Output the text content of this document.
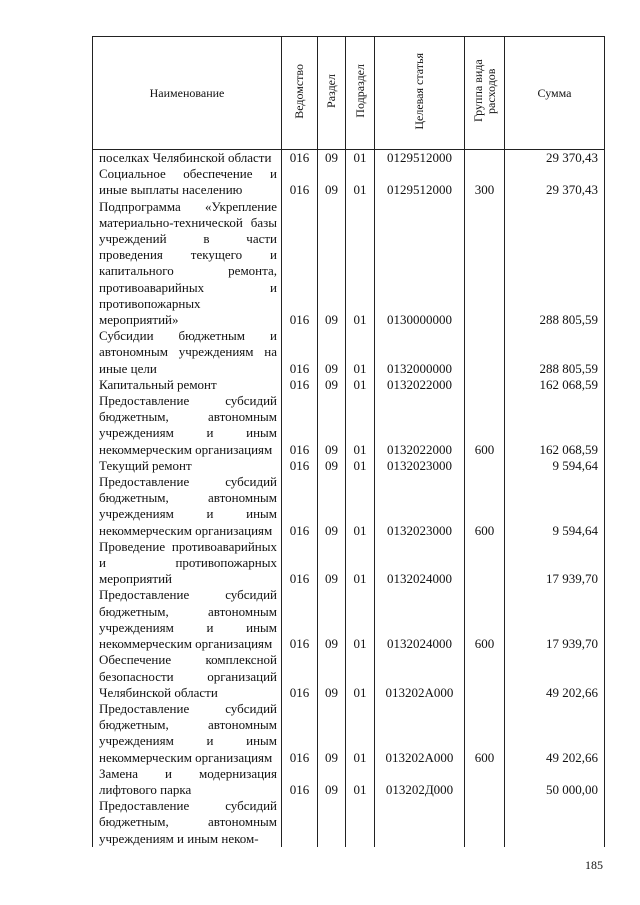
Наименование	Ведомство	Раздел	Подраздел	Целевая статья	Группа вида расходов	Сумма
поселках Челябинской области	016	09	01	0129512000		29 370,43
Социальное обеспечение и иные выплаты населению	016	09	01	0129512000	300	29 370,43
Подпрограмма «Укрепление материально-технической базы учреждений в части проведения текущего и капитального ремонта, противоаварийных и противопожарных мероприятий»	016	09	01	0130000000		288 805,59
Субсидии бюджетным и автономным учреждениям на иные цели	016	09	01	0132000000		288 805,59
Капитальный ремонт	016	09	01	0132022000		162 068,59
Предоставление субсидий бюджетным, автономным учреждениям и иным некоммерческим организациям	016	09	01	0132022000	600	162 068,59
Текущий ремонт	016	09	01	0132023000		9 594,64
Предоставление субсидий бюджетным, автономным учреждениям и иным некоммерческим организациям	016	09	01	0132023000	600	9 594,64
Проведение противоаварийных и противопожарных мероприятий	016	09	01	0132024000		17 939,70
Предоставление субсидий бюджетным, автономным учреждениям и иным некоммерческим организациям	016	09	01	0132024000	600	17 939,70
Обеспечение комплексной безопасности организаций Челябинской области	016	09	01	013202А000		49 202,66
Предоставление субсидий бюджетным, автономным учреждениям и иным некоммерческим организациям	016	09	01	013202А000	600	49 202,66
Замена и модернизация лифтового парка	016	09	01	013202Д000		50 000,00
Предоставление субсидий бюджетным, автономным учреждениям и иным неком-						
185
